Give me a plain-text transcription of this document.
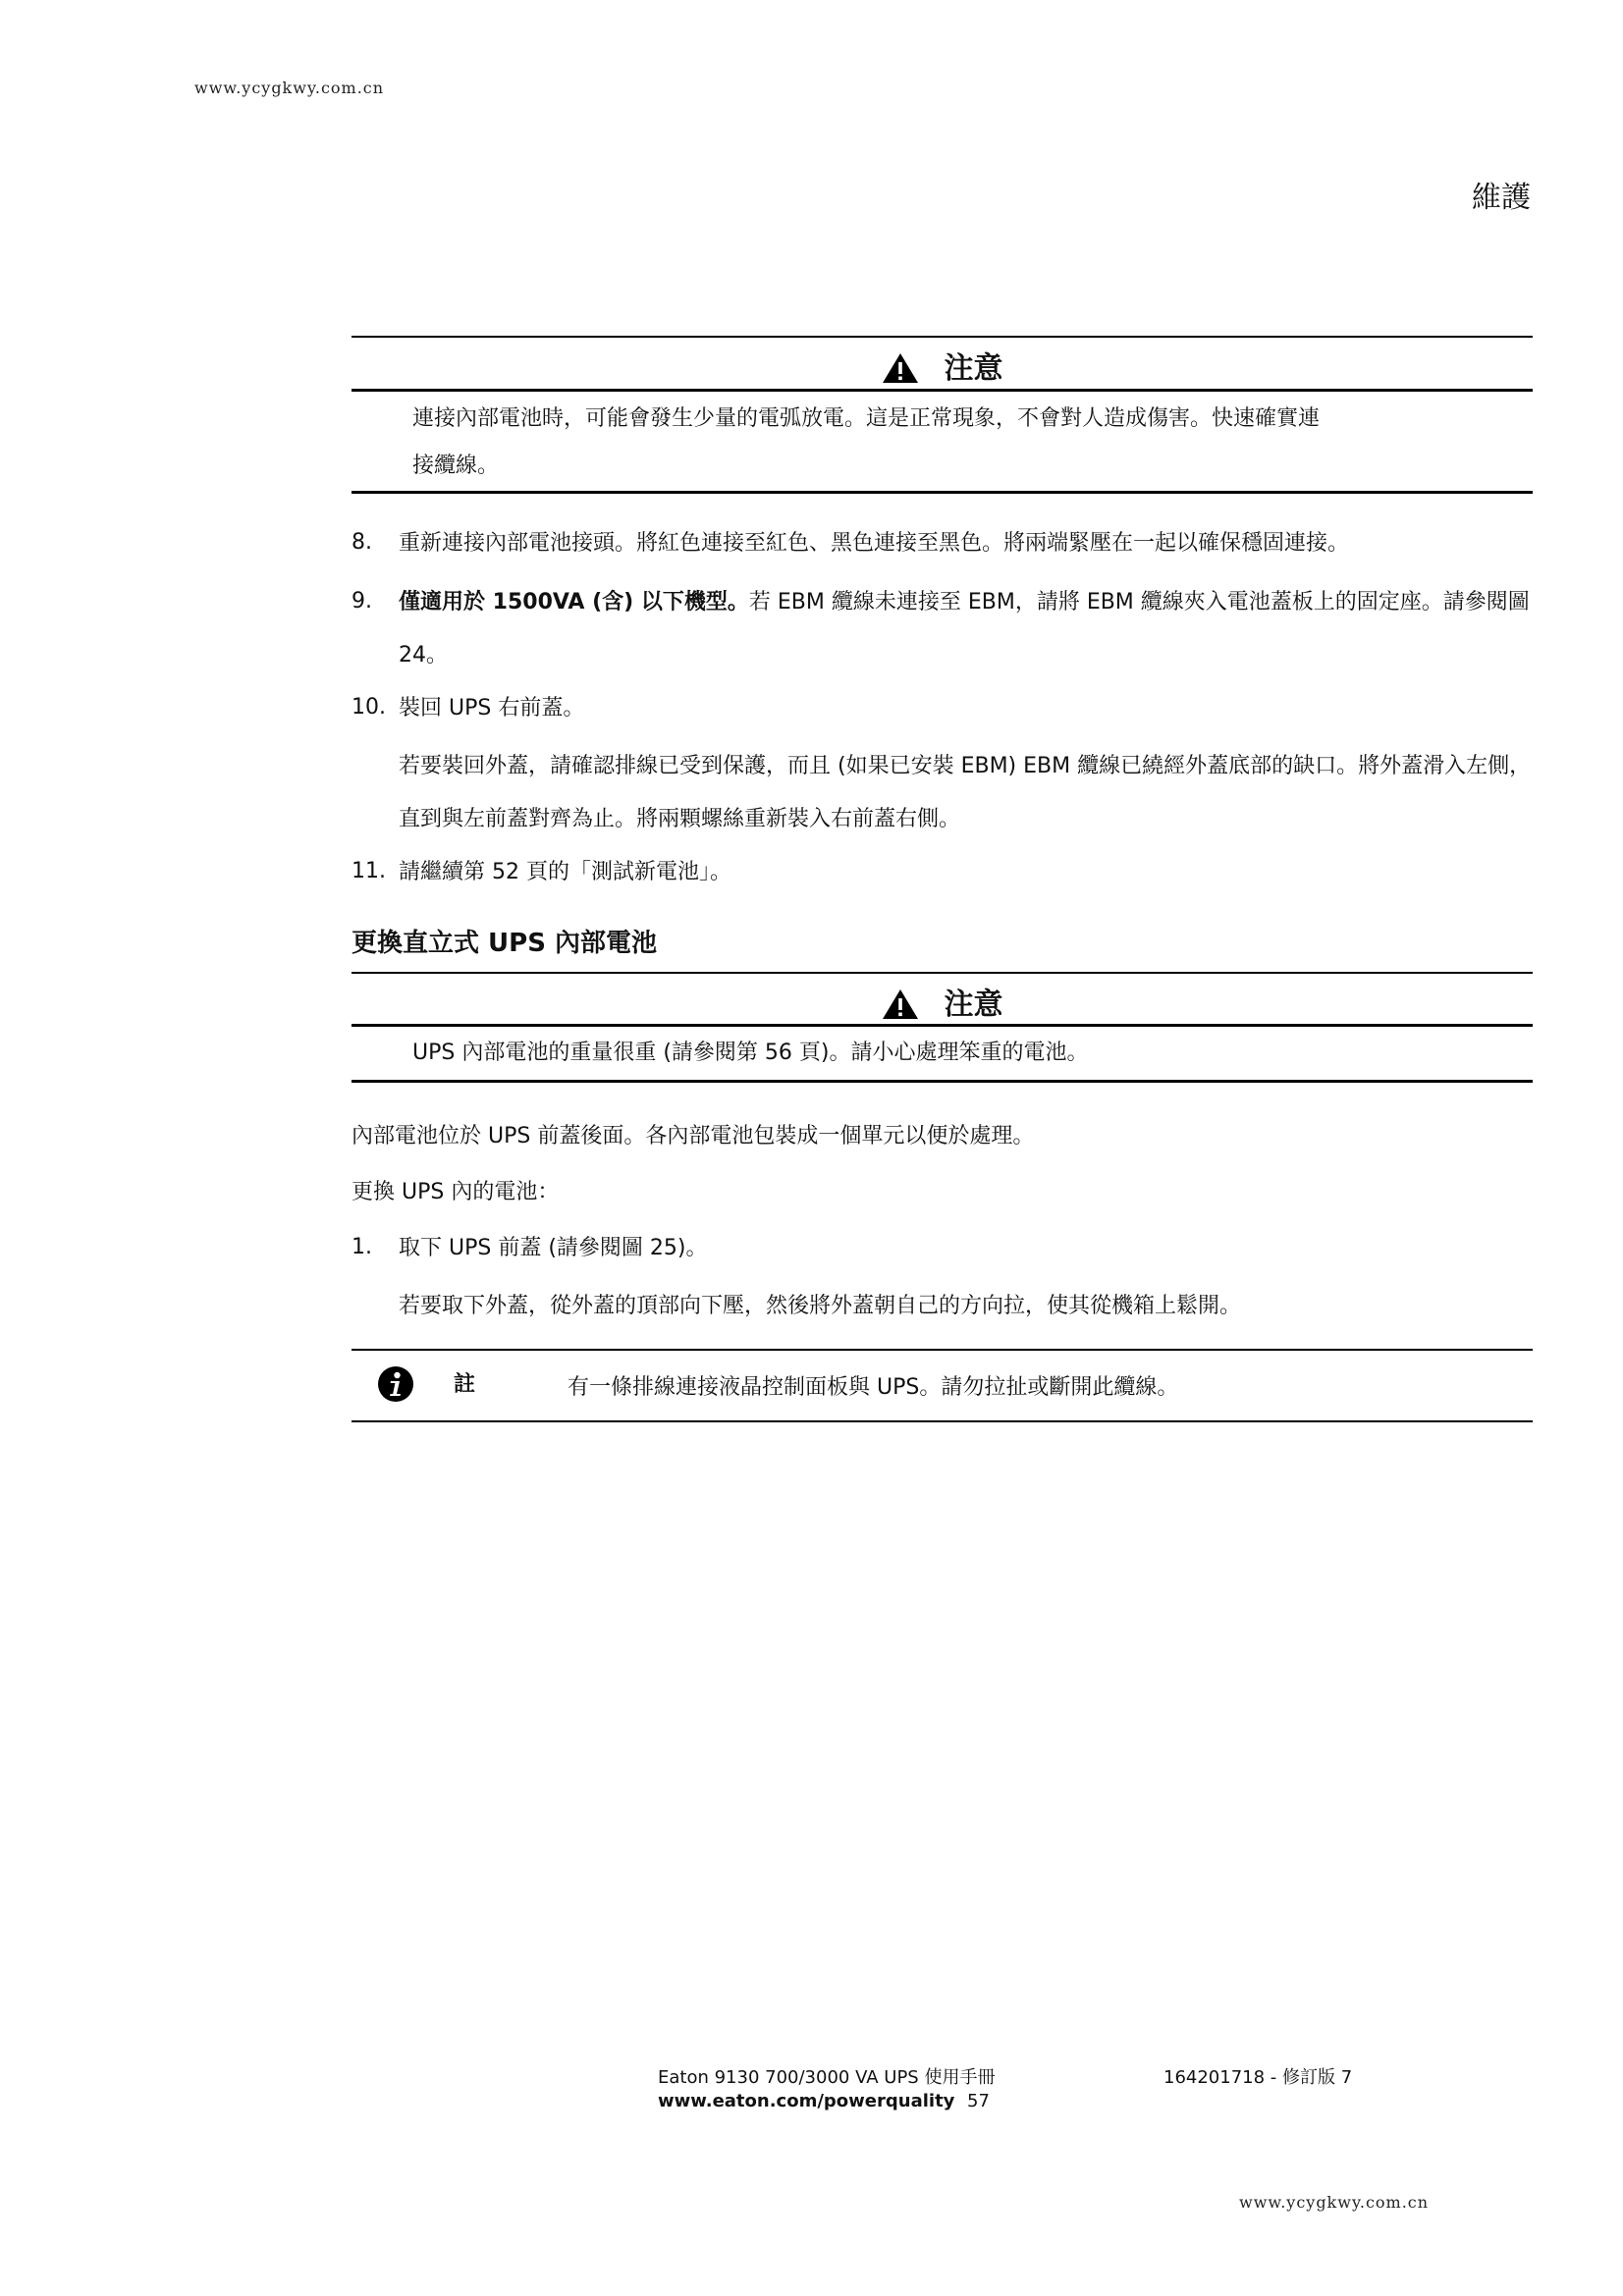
www.ycygkwy.com.cn
維護
注意
連接內部電池時，可能會發生少量的電弧放電。這是正常現象，不會對人造成傷害。快速確實連
接纜線。
8. 重新連接內部電池接頭。將紅色連接至紅色、黑色連接至黑色。將兩端緊壓在一起以確保穩固連接。
9. 僅適用於 1500VA (含) 以下機型。若 EBM 纜線未連接至 EBM，請將 EBM 纜線夾入電池蓋板上的固定座。請參閱圖 24。
10. 裝回 UPS 右前蓋。
若要裝回外蓋，請確認排線已受到保護，而且 (如果已安裝 EBM) EBM 纜線已繞經外蓋底部的缺口。將外蓋滑入左側，直到與左前蓋對齊為止。將兩顆螺絲重新裝入右前蓋右側。
11. 請繼續第 52 頁的「測試新電池」。
更換直立式 UPS 內部電池
注意
UPS 內部電池的重量很重 (請參閱第 56 頁)。請小心處理笨重的電池。
內部電池位於 UPS 前蓋後面。各內部電池包裝成一個單元以便於處理。
更換 UPS 內的電池：
1. 取下 UPS 前蓋 (請參閱圖 25)。
若要取下外蓋，從外蓋的頂部向下壓，然後將外蓋朝自己的方向拉，使其從機箱上鬆開。
註	有一條排線連接液晶控制面板與 UPS。請勿拉扯或斷開此纜線。
Eaton 9130 700/3000 VA UPS 使用手冊	164201718 - 修訂版 7
www.eaton.com/powerquality 57
www.ycygkwy.com.cn
